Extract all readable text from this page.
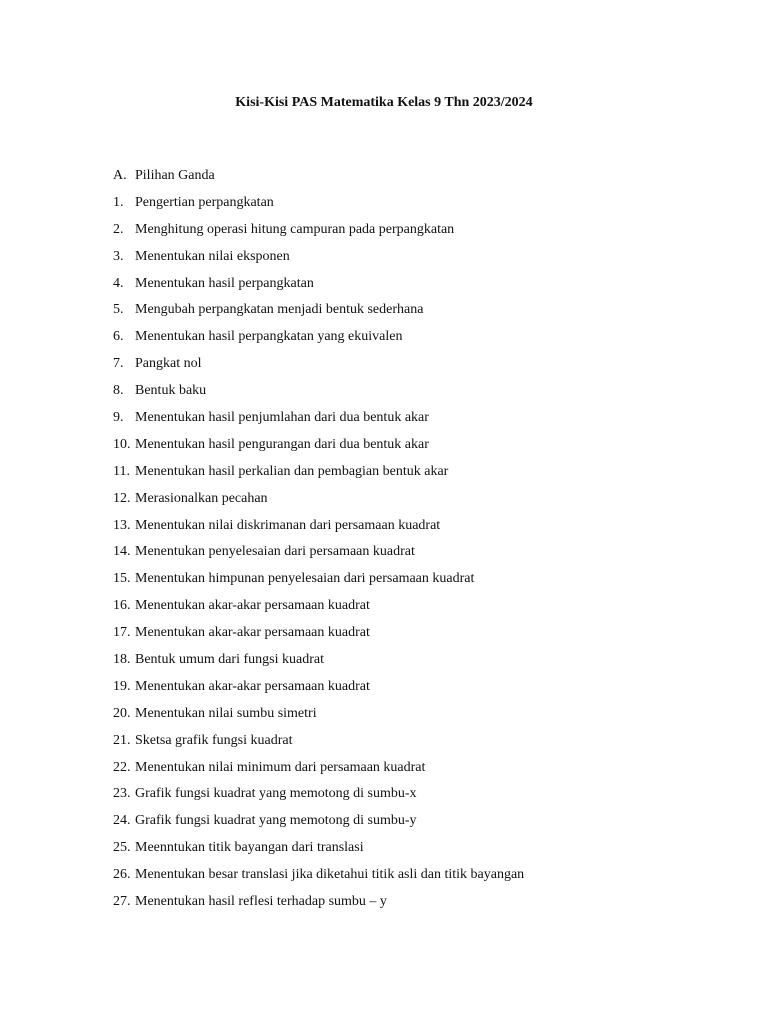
Kisi-Kisi PAS Matematika Kelas 9 Thn 2023/2024
A. Pilihan Ganda
1. Pengertian perpangkatan
2. Menghitung operasi hitung campuran pada perpangkatan
3. Menentukan nilai eksponen
4. Menentukan hasil perpangkatan
5. Mengubah perpangkatan menjadi bentuk sederhana
6. Menentukan hasil perpangkatan yang ekuivalen
7. Pangkat nol
8. Bentuk baku
9. Menentukan hasil penjumlahan dari dua bentuk akar
10. Menentukan hasil pengurangan dari dua bentuk akar
11. Menentukan hasil perkalian dan pembagian bentuk akar
12. Merasionalkan pecahan
13. Menentukan nilai diskrimanan dari persamaan kuadrat
14. Menentukan penyelesaian dari persamaan kuadrat
15. Menentukan himpunan penyelesaian dari persamaan kuadrat
16. Menentukan akar-akar persamaan kuadrat
17. Menentukan akar-akar persamaan kuadrat
18. Bentuk umum dari fungsi kuadrat
19. Menentukan akar-akar persamaan kuadrat
20. Menentukan nilai sumbu simetri
21. Sketsa grafik fungsi kuadrat
22. Menentukan nilai minimum dari persamaan kuadrat
23. Grafik fungsi kuadrat yang memotong di sumbu-x
24. Grafik fungsi kuadrat yang memotong di sumbu-y
25. Meenntukan titik bayangan dari translasi
26. Menentukan besar translasi jika diketahui titik asli dan titik bayangan
27. Menentukan hasil reflesi terhadap sumbu – y
